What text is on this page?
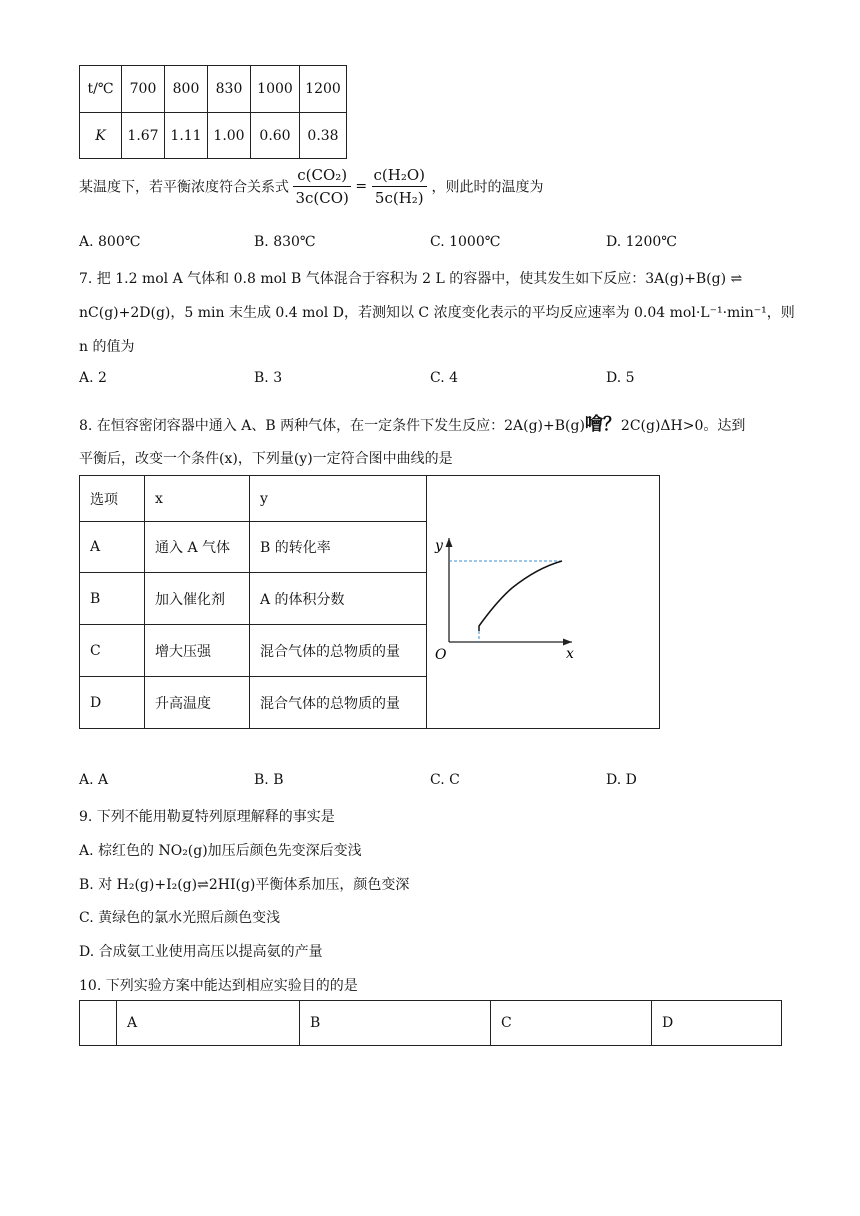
t/℃	700	800	830	1000	1200
K	1.67	1.11	1.00	0.60	0.38
某温度下，若平衡浓度符合关系式 $\frac{\text{c(CO₂)}}{3c(CO)} = \frac{\text{c(H₂O)}}{\text{5c(H₂)}}$ ，则此时的温度为
A. 800℃	B. 830℃	C. 1000℃	D. 1200℃
7. 把 1.2 mol A 气体和 0.8 mol B 气体混合于容积为 2 L 的容器中，使其发生如下反应：3A(g)+B(g) ⇌
nC(g)+2D(g)，5 min 末生成 0.4 mol D，若测知以 C 浓度变化表示的平均反应速率为 0.04 mol·L⁻¹·min⁻¹，则
n 的值为
A. 2	B. 3	C. 4	D. 5
8. 在恒容密闭容器中通入 A、B 两种气体，在一定条件下发生反应：2A(g)+B(g)噲？2C(g)ΔH>0。达到
平衡后，改变一个条件(x)，下列量(y)一定符合图中曲线的是
选项	x	y	y
x
O

A	通入 A 气体	B 的转化率	
B	加入催化剂	A 的体积分数	
C	增大压强	混合气体的总物质的量	
D	升高温度	混合气体的总物质的量	
A. A	B. B	C. C	D. D
9. 下列不能用勒夏特列原理解释的事实是
A. 棕红色的 NO₂(g)加压后颜色先变深后变浅
B. 对 H₂(g)+I₂(g)⇌2HI(g)平衡体系加压，颜色变深
C. 黄绿色的氯水光照后颜色变浅
D. 合成氨工业使用高压以提高氨的产量
10. 下列实验方案中能达到相应实验目的的是
	A	B	C	D
